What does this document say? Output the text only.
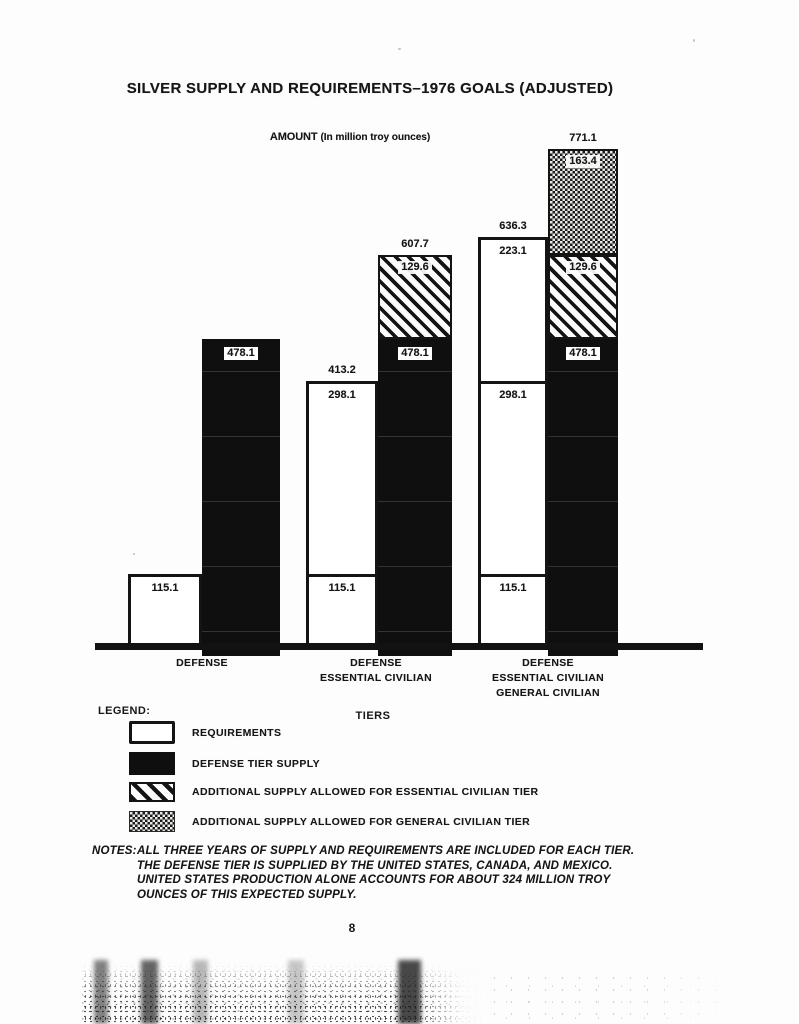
SILVER SUPPLY AND REQUIREMENTS–1976 GOALS (ADJUSTED)
AMOUNT (In million troy ounces)
115.1
478.1
DEFENSE
115.1
298.1
413.2
478.1
129.6
607.7
DEFENSE
ESSENTIAL CIVILIAN
115.1
298.1
223.1
636.3
478.1
129.6
163.4
771.1
DEFENSE
ESSENTIAL CIVILIAN
GENERAL CIVILIAN
TIERS
LEGEND:
REQUIREMENTS
DEFENSE TIER SUPPLY
ADDITIONAL SUPPLY ALLOWED FOR ESSENTIAL CIVILIAN TIER
ADDITIONAL SUPPLY ALLOWED FOR GENERAL CIVILIAN TIER
NOTES: ALL THREE YEARS OF SUPPLY AND REQUIREMENTS ARE INCLUDED FOR EACH TIER.
THE DEFENSE TIER IS SUPPLIED BY THE UNITED STATES, CANADA, AND MEXICO.
UNITED STATES PRODUCTION ALONE ACCOUNTS FOR ABOUT 324 MILLION TROY
OUNCES OF THIS EXPECTED SUPPLY.
8
